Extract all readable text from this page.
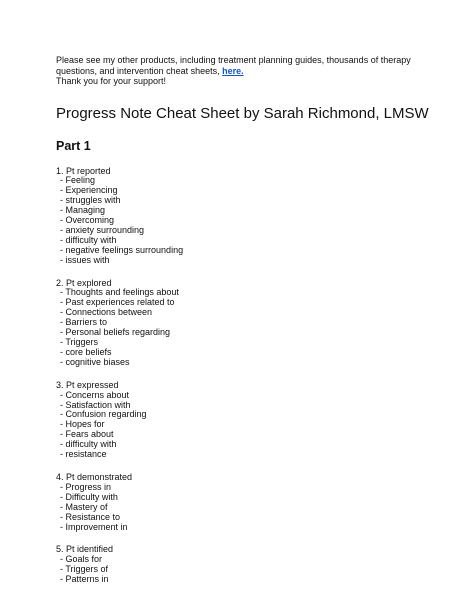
Please see my other products, including treatment planning guides, thousands of therapy
questions, and intervention cheat sheets, here.
Thank you for your support!

Progress Note Cheat Sheet by Sarah Richmond, LMSW
Part 1
1. Pt reported
- Feeling
- Experiencing
- struggles with
- Managing
- Overcoming
- anxiety surrounding
- difficulty with
- negative feelings surrounding
- issues with
2. Pt explored
- Thoughts and feelings about
- Past experiences related to
- Connections between
- Barriers to
- Personal beliefs regarding
- Triggers
- core beliefs
- cognitive biases
3. Pt expressed
- Concerns about
- Satisfaction with
- Confusion regarding
- Hopes for
- Fears about
- difficulty with
- resistance
4. Pt demonstrated
- Progress in
- Difficulty with
- Mastery of
- Resistance to
- Improvement in
5. Pt identified
- Goals for
- Triggers of
- Patterns in
